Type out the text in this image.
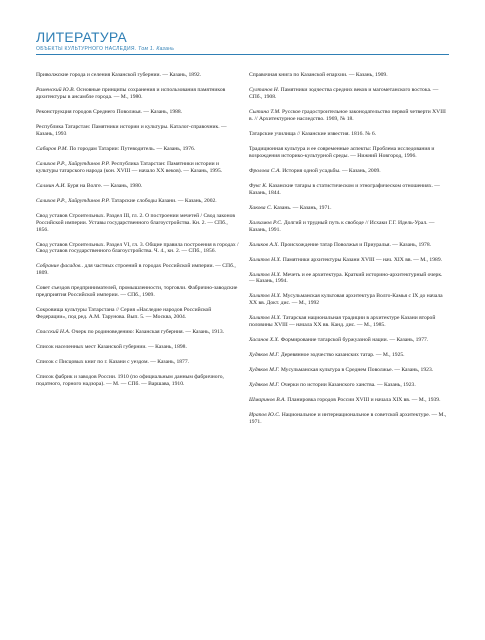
ЛИТЕРАТУРА
ОБЪЕКТЫ КУЛЬТУРНОГО НАСЛЕДИЯ. Том 1. Казань

Приволжские города и селения Казанской губернии. — Казань, 1892.

Раменский Ю.В. Основные принципы сохранения и использования памятников архитектуры в ансамбле города. — М., 1980.

Реконструкция городов Среднего Поволжья. — Казань, 1988.

Республика Татарстан: Памятники истории и культуры. Каталог-справочник. — Казань, 1993

Сабиров Р.М. По городам Татарии: Путеводитель. — Казань, 1976.

Салихов Р.Р., Хайрутдинов Р.Р. Республика Татарстан: Памятники истории и культуры татарского народа (кон. XVIII — начало XX веков). — Казань, 1995.

Салмин А.И. Буря на Волге. — Казань, 1980.

Салихов Р.Р., Хайрутдинов Р.Р. Татарские слободы Казани. — Казань, 2002.

Свод уставов Строительных. Раздел III, гл. 2. О построении мечетей / Свод законов Российской империи. Уставы государственного благоустройства. Кн. 2. — СПб., 1856.

Свод уставов Строительных. Раздел VI, гл. 3. Общие правила построения в городах / Свод уставов государственного благоустройства. Ч. 4., кн. 2. — СПб., 1856.

Собрание фасадов.. для частных строений в городах Российской империи. — СПб., 1809.

Совет съездов предпринимателей, промышленности, торговли. Фабрично-заводские предприятия Российской империи. — СПб., 1909.

Сокровища культуры Татарстана // Серия «Наследие народов Российской Федерации», под ред. А.М. Таруновa. Вып. 5. — Москва, 2004.

Спасский Н.А. Очерк по родиноведению: Казанская губерния. — Казань, 1913.

Список населенных мест Казанской губернии. — Казань, 1898.

Список с Писцовых книг по г. Казани с уездом. — Казань, 1877.

Список фабрик и заводов России. 1910 (по официальным данным фабричного, податного, горного надзора). — М. — СПб. — Варшава, 1910.

Справочная книга по Казанской епархии. — Казань, 1909.

Султанов Н. Памятники зодчества средних веков и магометанского востока. — СПб., 1908.

Сытина Т.М. Русское градостроительное законодательство первой четверти XVIII в. // Архитектурное наследство. 1969, № 18.

Татарские училища // Казанские известия. 1816. № 6.

Традиционная культура и ее современные аспекты: Проблема исследования и возрождения историко-культурной среды. — Нижний Новгород, 1996.

Фролова С.А. История одной усадьбы. — Казань, 2009.

Фукс К. Казанские татары в статистическом и этнографическом отношениях. — Казань, 1844.

Хакова С. Казань. — Казань, 1971.

Халхамов Р.С. Долгий и трудный путь к свободе // Исхаки Г.Г. Идель-Урал. — Казань, 1991.

Халиков А.Х. Происхождение татар Поволжья и Приуралья. — Казань, 1978.

Халитов Н.Х. Памятники архитектуры Казани XVIII — нач. XIX вв. — М., 1989.

Халитов Н.Х. Мечеть и ее архитектура. Краткий историно-архитектурный очерк. — Казань, 1994.

Халитов Н.Х. Мусульманская культовая архитектура Волго-Камья с IX до начала XX вв. Докт. дис. — М., 1992

Халитов Н.Х. Татарская национальная традиции в архитектуре Казани второй половины XVIII — начала XX вв. Канд. дис. — М., 1985.

Хасанов Х.Х. Формирование татарской буржуазной нации. — Казань, 1977.

Худяков М.Г. Деревянное зодчество казанских татар. — М., 1925.

Худяков М.Г. Мусульманская культура в Среднем Поволжье. — Казань, 1923.

Худяков М.Г. Очерки по истории Казанского ханства. — Казань, 1923.

Шмаринов В.А. Планировка городов России XVIII и начала XIX вв. — М., 1939.

Ирапов Ю.С. Национальное и интернациональное в советской архитектуре. — М., 1971.
